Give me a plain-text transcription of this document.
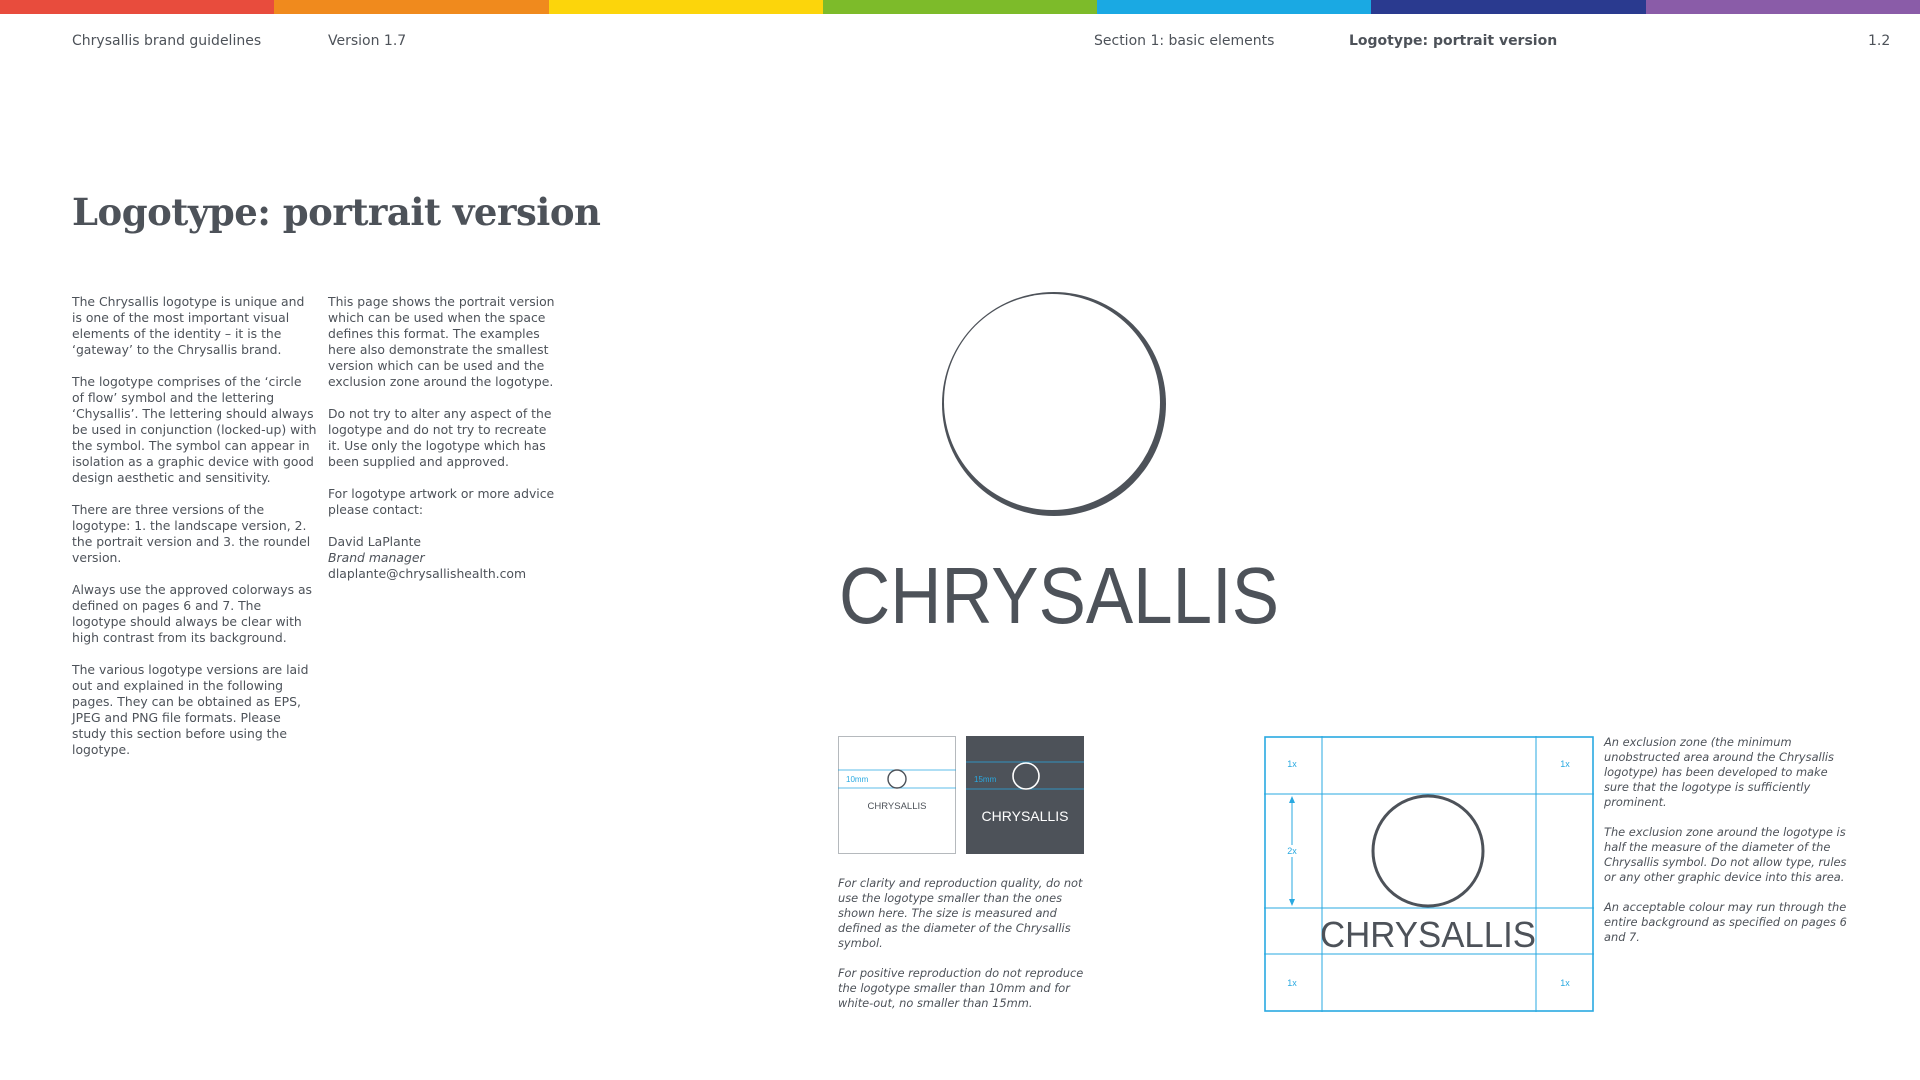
Chrysallis brand guidelines	Version 1.7	Section 1: basic elements	Logotype: portrait version	1.2
Logotype: portrait version

The Chrysallis logotype is unique and is one of the most important visual elements of the identity – it is the ‘gateway’ to the Chrysallis brand.

The logotype comprises of the ‘circle of flow’ symbol and the lettering ‘Chysallis’. The lettering should always be used in conjunction (locked-up) with the symbol. The symbol can appear in isolation as a graphic device with good design aesthetic and sensitivity.

There are three versions of the logotype: 1. the landscape version, 2. the portrait version and 3. the roundel version.

Always use the approved colorways as defined on pages 6 and 7. The logotype should always be clear with high contrast from its background.

The various logotype versions are laid out and explained in the following pages. They can be obtained as EPS, JPEG and PNG file formats. Please study this section before using the logotype.

This page shows the portrait version which can be used when the space defines this format. The examples here also demonstrate the smallest version which can be used and the exclusion zone around the logotype.

Do not try to alter any aspect of the logotype and do not try to recreate it. Use only the logotype which has been supplied and approved.

For logotype artwork or more advice please contact:

David LaPlante

Brand manager

dlaplante@chrysallishealth.com	CHRYSALLIS
10mm
CHRYSALLIS
15mm
CHRYSALLIS

For clarity and reproduction quality, do not use the logotype smaller than the ones shown here. The size is measured and defined as the diameter of the Chrysallis symbol.

For positive reproduction do not reproduce the logotype smaller than 10mm and for white-out, no smaller than 15mm.

CHRYSALLIS
2x
1x	1x
1x	1x

An exclusion zone (the minimum unobstructed area around the Chrysallis logotype) has been developed to make sure that the logotype is sufficiently prominent.

The exclusion zone around the logotype is half the measure of the diameter of the Chrysallis symbol. Do not allow type, rules or any other graphic device into this area.

An acceptable colour may run through the entire background as specified on pages 6 and 7.
